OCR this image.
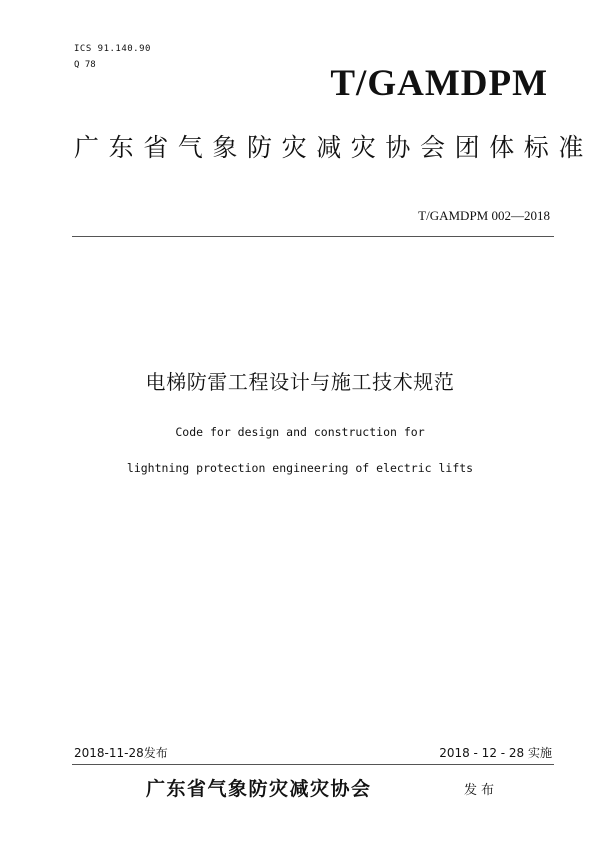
ICS 91.140.90
Q 78	T/GAMDPM
广东省气象防灾减灾协会团体标准
T/GAMDPM 002—2018
电梯防雷工程设计与施工技术规范
Code for design and construction for
lightning protection engineering of electric lifts
2018-11-28发布	2018 - 12 - 28 实施
广东省气象防灾减灾协会	发布
